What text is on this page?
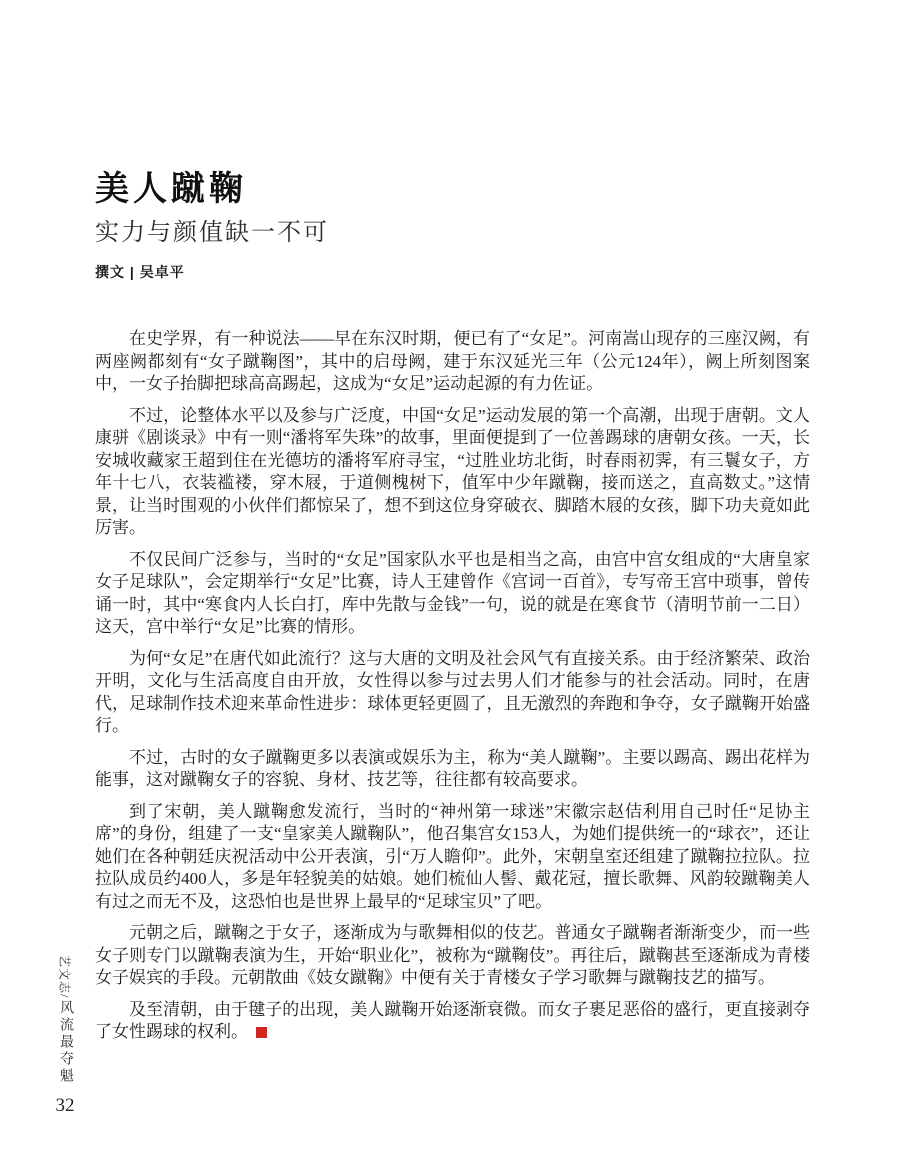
艺文志/
风流最夺魁
32
美人蹴鞠
实力与颜值缺一不可
撰文 | 吴卓平

在史学界，有一种说法——早在东汉时期，便已有了“女足”。河南嵩山现存的三座汉阙，有两座阙都刻有“女子蹴鞠图”，其中的启母阙，建于东汉延光三年（公元124年），阙上所刻图案中，一女子抬脚把球高高踢起，这成为“女足”运动起源的有力佐证。

不过，论整体水平以及参与广泛度，中国“女足”运动发展的第一个高潮，出现于唐朝。文人康骈《剧谈录》中有一则“潘将军失珠”的故事，里面便提到了一位善踢球的唐朝女孩。一天，长安城收藏家王超到住在光德坊的潘将军府寻宝，“过胜业坊北街，时春雨初霁，有三鬟女子，方年十七八，衣装褴褛，穿木屐，于道侧槐树下，值军中少年蹴鞠，接而送之，直高数丈。”这情景，让当时围观的小伙伴们都惊呆了，想不到这位身穿破衣、脚踏木屐的女孩，脚下功夫竟如此厉害。

不仅民间广泛参与，当时的“女足”国家队水平也是相当之高，由宫中宫女组成的“大唐皇家女子足球队”，会定期举行“女足”比赛，诗人王建曾作《宫词一百首》，专写帝王宫中琐事，曾传诵一时，其中“寒食内人长白打，库中先散与金钱”一句，说的就是在寒食节（清明节前一二日）这天，宫中举行“女足”比赛的情形。

为何“女足”在唐代如此流行？这与大唐的文明及社会风气有直接关系。由于经济繁荣、政治开明，文化与生活高度自由开放，女性得以参与过去男人们才能参与的社会活动。同时，在唐代，足球制作技术迎来革命性进步：球体更轻更圆了，且无激烈的奔跑和争夺，女子蹴鞠开始盛行。

不过，古时的女子蹴鞠更多以表演或娱乐为主，称为“美人蹴鞠”。主要以踢高、踢出花样为能事，这对蹴鞠女子的容貌、身材、技艺等，往往都有较高要求。

到了宋朝，美人蹴鞠愈发流行，当时的“神州第一球迷”宋徽宗赵佶利用自己时任“足协主席”的身份，组建了一支“皇家美人蹴鞠队”，他召集宫女153人，为她们提供统一的“球衣”，还让她们在各种朝廷庆祝活动中公开表演，引“万人瞻仰”。此外，宋朝皇室还组建了蹴鞠拉拉队。拉拉队成员约400人，多是年轻貌美的姑娘。她们梳仙人髻、戴花冠，擅长歌舞、风韵较蹴鞠美人有过之而无不及，这恐怕也是世界上最早的“足球宝贝”了吧。

元朝之后，蹴鞠之于女子，逐渐成为与歌舞相似的伎艺。普通女子蹴鞠者渐渐变少，而一些女子则专门以蹴鞠表演为生，开始“职业化”，被称为“蹴鞠伎”。再往后，蹴鞠甚至逐渐成为青楼女子娱宾的手段。元朝散曲《妓女蹴鞠》中便有关于青楼女子学习歌舞与蹴鞠技艺的描写。

及至清朝，由于毽子的出现，美人蹴鞠开始逐渐衰微。而女子裹足恶俗的盛行，更直接剥夺了女性踢球的权利。
